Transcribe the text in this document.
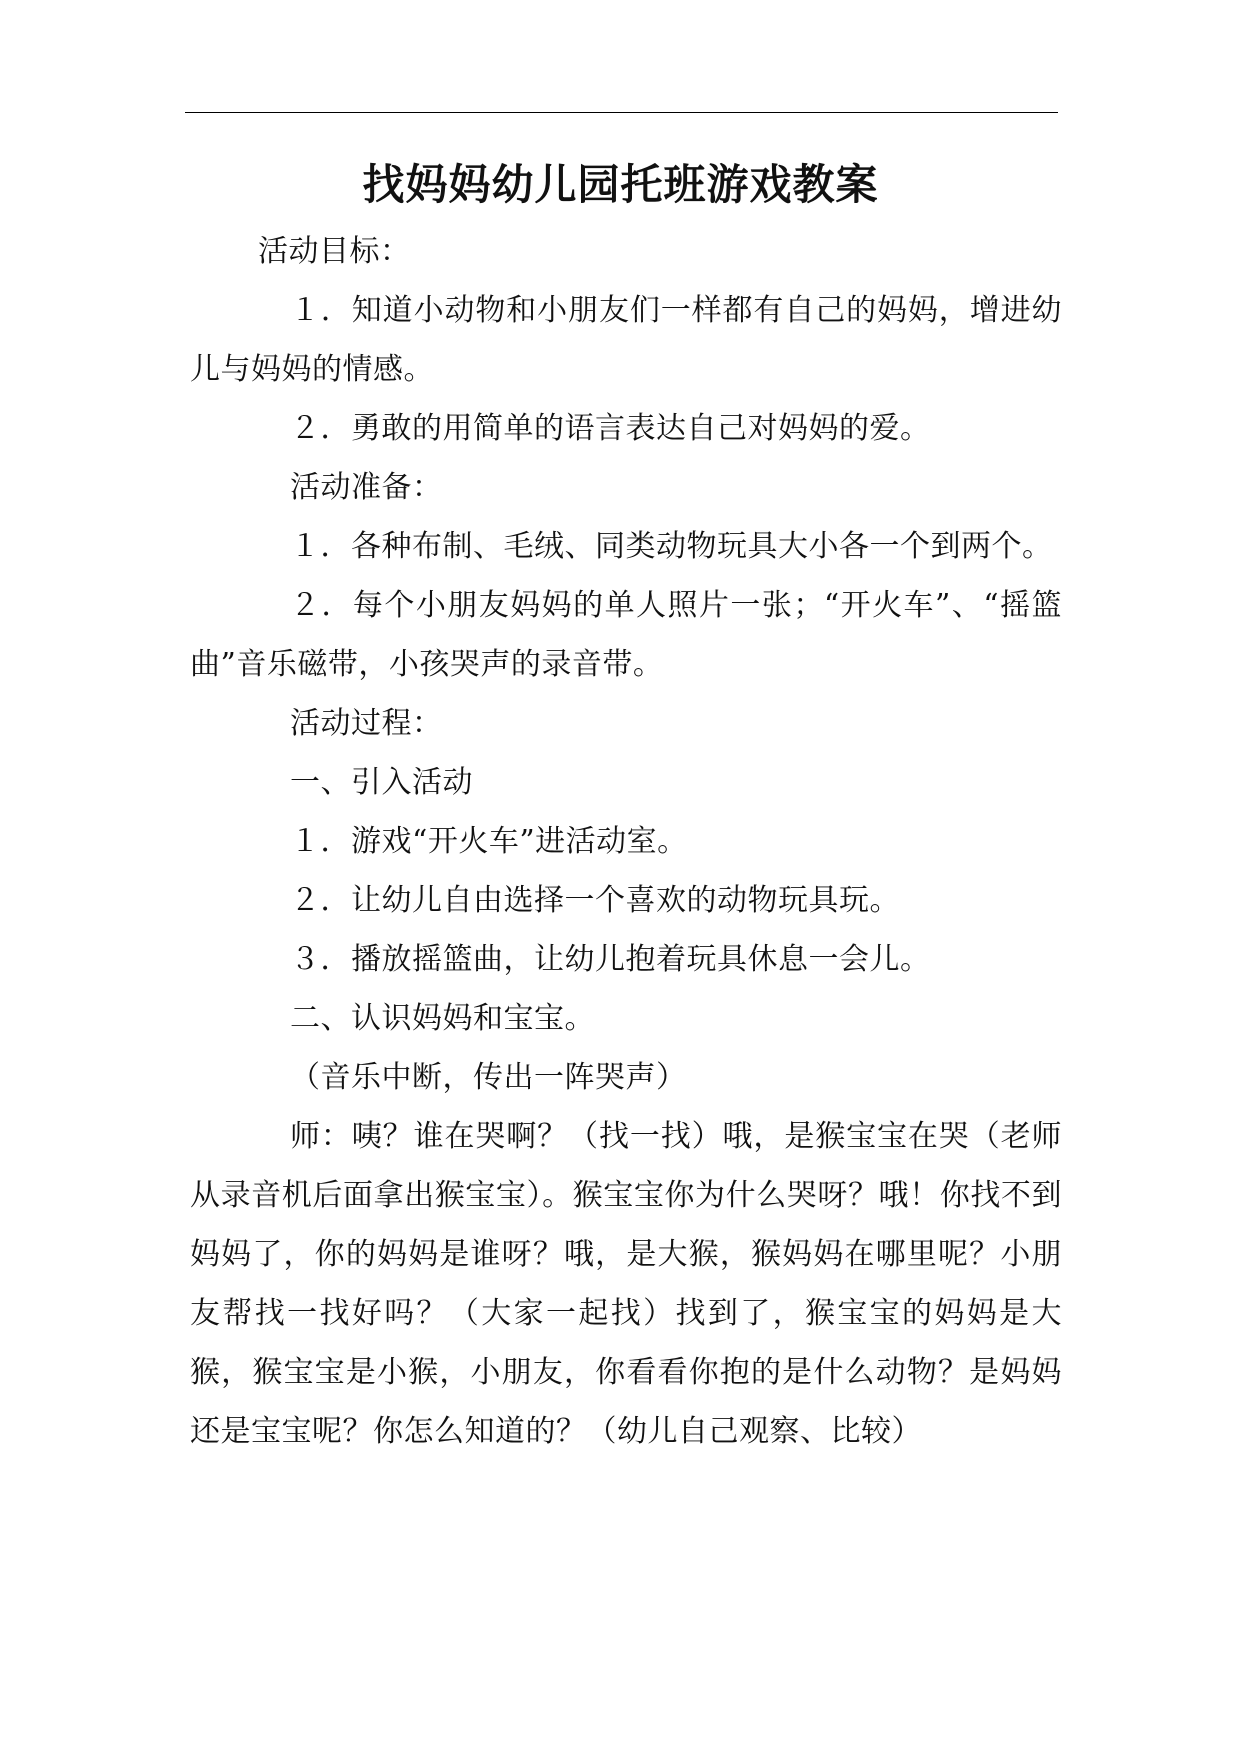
找妈妈幼儿园托班游戏教案

活动目标：

１．知道小动物和小朋友们一样都有自己的妈妈，增进幼儿与妈妈的情感。

２．勇敢的用简单的语言表达自己对妈妈的爱。

活动准备：

１．各种布制、毛绒、同类动物玩具大小各一个到两个。

２．每个小朋友妈妈的单人照片一张；“开火车”、“摇篮曲”音乐磁带，小孩哭声的录音带。

活动过程：

一、引入活动

１．游戏“开火车”进活动室。

２．让幼儿自由选择一个喜欢的动物玩具玩。

３．播放摇篮曲，让幼儿抱着玩具休息一会儿。

二、认识妈妈和宝宝。

（音乐中断，传出一阵哭声）

师：咦？谁在哭啊？（找一找）哦，是猴宝宝在哭（老师从录音机后面拿出猴宝宝）。猴宝宝你为什么哭呀？哦！你找不到妈妈了，你的妈妈是谁呀？哦，是大猴，猴妈妈在哪里呢？小朋友帮找一找好吗？（大家一起找）找到了，猴宝宝的妈妈是大猴，猴宝宝是小猴，小朋友，你看看你抱的是什么动物？是妈妈还是宝宝呢？你怎么知道的？（幼儿自己观察、比较）
